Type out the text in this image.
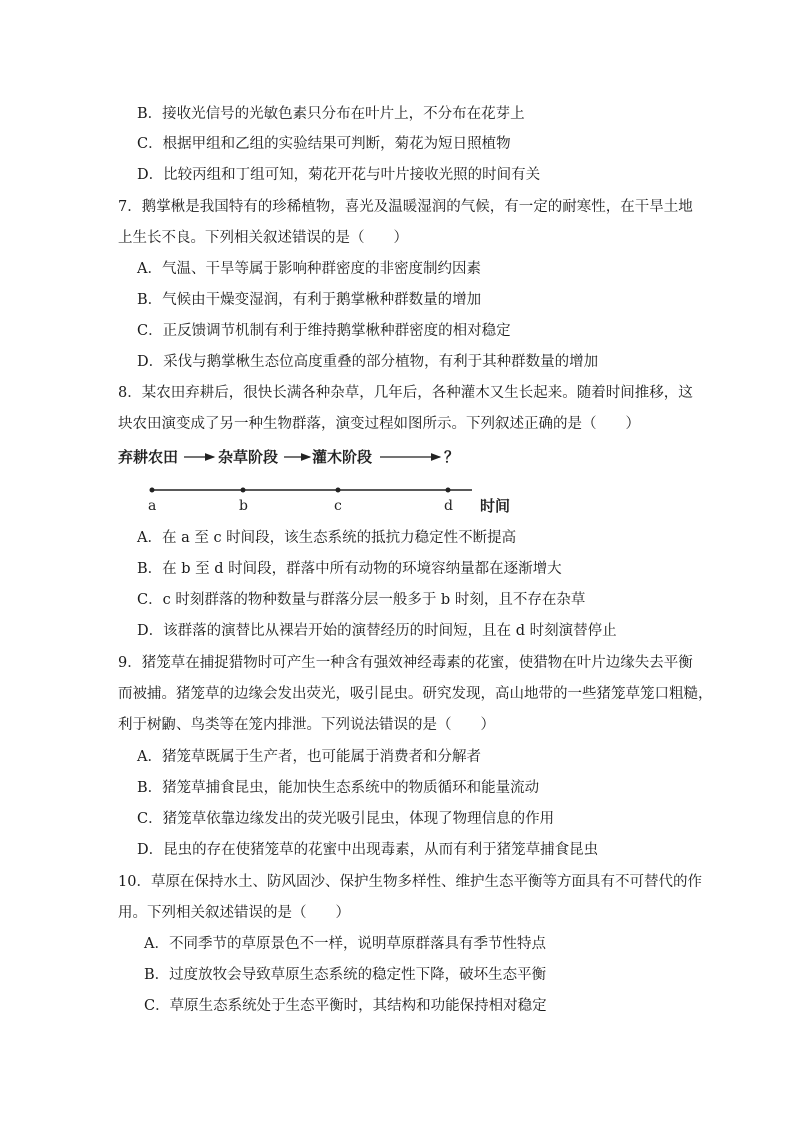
B．接收光信号的光敏色素只分布在叶片上，不分布在花芽上
C．根据甲组和乙组的实验结果可判断，菊花为短日照植物
D．比较丙组和丁组可知，菊花开花与叶片接收光照的时间有关
7．鹅掌楸是我国特有的珍稀植物，喜光及温暖湿润的气候，有一定的耐寒性，在干旱土地
上生长不良。下列相关叙述错误的是（　　）
A．气温、干旱等属于影响种群密度的非密度制约因素
B．气候由干燥变湿润，有利于鹅掌楸种群数量的增加
C．正反馈调节机制有利于维持鹅掌楸种群密度的相对稳定
D．采伐与鹅掌楸生态位高度重叠的部分植物，有利于其种群数量的增加
8．某农田弃耕后，很快长满各种杂草，几年后，各种灌木又生长起来。随着时间推移，这
块农田演变成了另一种生物群落，演变过程如图所示。下列叙述正确的是（　　）
弃耕农田	杂草阶段 灌木阶段	？
a	b	c	d 时间
A．在 a 至 c 时间段，该生态系统的抵抗力稳定性不断提高
B．在 b 至 d 时间段，群落中所有动物的环境容纳量都在逐渐增大
C．c 时刻群落的物种数量与群落分层一般多于 b 时刻，且不存在杂草
D．该群落的演替比从裸岩开始的演替经历的时间短，且在 d 时刻演替停止
9．猪笼草在捕捉猎物时可产生一种含有强效神经毒素的花蜜，使猎物在叶片边缘失去平衡
而被捕。猪笼草的边缘会发出荧光，吸引昆虫。研究发现，高山地带的一些猪笼草笼口粗糙，
利于树鼩、鸟类等在笼内排泄。下列说法错误的是（　　）
A．猪笼草既属于生产者，也可能属于消费者和分解者
B．猪笼草捕食昆虫，能加快生态系统中的物质循环和能量流动
C．猪笼草依靠边缘发出的荧光吸引昆虫，体现了物理信息的作用
D．昆虫的存在使猪笼草的花蜜中出现毒素，从而有利于猪笼草捕食昆虫
10．草原在保持水土、防风固沙、保护生物多样性、维护生态平衡等方面具有不可替代的作
用。下列相关叙述错误的是（　　）
A．不同季节的草原景色不一样，说明草原群落具有季节性特点
B．过度放牧会导致草原生态系统的稳定性下降，破坏生态平衡
C．草原生态系统处于生态平衡时，其结构和功能保持相对稳定
